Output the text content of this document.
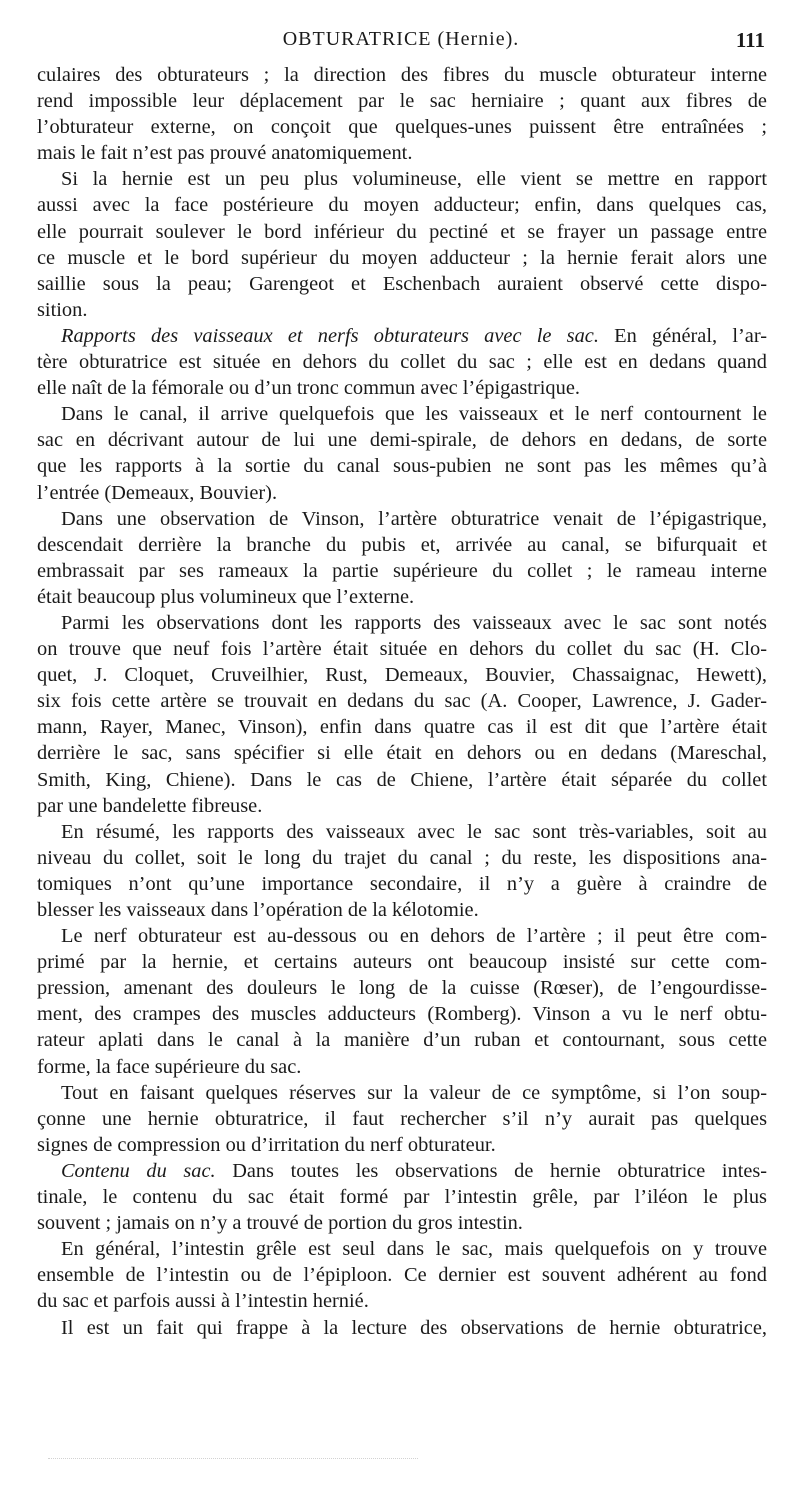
OBTURATRICE (Hernie).	111
culaires des obturateurs ; la direction des fibres du muscle obturateur interne
rend impossible leur déplacement par le sac herniaire ; quant aux fibres de
l’obturateur externe, on conçoit que quelques-unes puissent être entraînées ;
mais le fait n’est pas prouvé anatomiquement.
Si la hernie est un peu plus volumineuse, elle vient se mettre en rapport
aussi avec la face postérieure du moyen adducteur; enfin, dans quelques cas,
elle pourrait soulever le bord inférieur du pectiné et se frayer un passage entre
ce muscle et le bord supérieur du moyen adducteur ; la hernie ferait alors une
saillie sous la peau; Garengeot et Eschenbach auraient observé cette dispo-
sition.
Rapports des vaisseaux et nerfs obturateurs avec le sac. En général, l’ar-
tère obturatrice est située en dehors du collet du sac ; elle est en dedans quand
elle naît de la fémorale ou d’un tronc commun avec l’épigastrique.
Dans le canal, il arrive quelquefois que les vaisseaux et le nerf contournent le
sac en décrivant autour de lui une demi-spirale, de dehors en dedans, de sorte
que les rapports à la sortie du canal sous-pubien ne sont pas les mêmes qu’à
l’entrée (Demeaux, Bouvier).
Dans une observation de Vinson, l’artère obturatrice venait de l’épigastrique,
descendait derrière la branche du pubis et, arrivée au canal, se bifurquait et
embrassait par ses rameaux la partie supérieure du collet ; le rameau interne
était beaucoup plus volumineux que l’externe.
Parmi les observations dont les rapports des vaisseaux avec le sac sont notés
on trouve que neuf fois l’artère était située en dehors du collet du sac (H. Clo-
quet, J. Cloquet, Cruveilhier, Rust, Demeaux, Bouvier, Chassaignac, Hewett),
six fois cette artère se trouvait en dedans du sac (A. Cooper, Lawrence, J. Gader-
mann, Rayer, Manec, Vinson), enfin dans quatre cas il est dit que l’artère était
derrière le sac, sans spécifier si elle était en dehors ou en dedans (Mareschal,
Smith, King, Chiene). Dans le cas de Chiene, l’artère était séparée du collet
par une bandelette fibreuse.
En résumé, les rapports des vaisseaux avec le sac sont très-variables, soit au
niveau du collet, soit le long du trajet du canal ; du reste, les dispositions ana-
tomiques n’ont qu’une importance secondaire, il n’y a guère à craindre de
blesser les vaisseaux dans l’opération de la kélotomie.
Le nerf obturateur est au-dessous ou en dehors de l’artère ; il peut être com-
primé par la hernie, et certains auteurs ont beaucoup insisté sur cette com-
pression, amenant des douleurs le long de la cuisse (Rœser), de l’engourdisse-
ment, des crampes des muscles adducteurs (Romberg). Vinson a vu le nerf obtu-
rateur aplati dans le canal à la manière d’un ruban et contournant, sous cette
forme, la face supérieure du sac.
Tout en faisant quelques réserves sur la valeur de ce symptôme, si l’on soup-
çonne une hernie obturatrice, il faut rechercher s’il n’y aurait pas quelques
signes de compression ou d’irritation du nerf obturateur.
Contenu du sac. Dans toutes les observations de hernie obturatrice intes-
tinale, le contenu du sac était formé par l’intestin grêle, par l’iléon le plus
souvent ; jamais on n’y a trouvé de portion du gros intestin.
En général, l’intestin grêle est seul dans le sac, mais quelquefois on y trouve
ensemble de l’intestin ou de l’épiploon. Ce dernier est souvent adhérent au fond
du sac et parfois aussi à l’intestin hernié.
Il est un fait qui frappe à la lecture des observations de hernie obturatrice,
